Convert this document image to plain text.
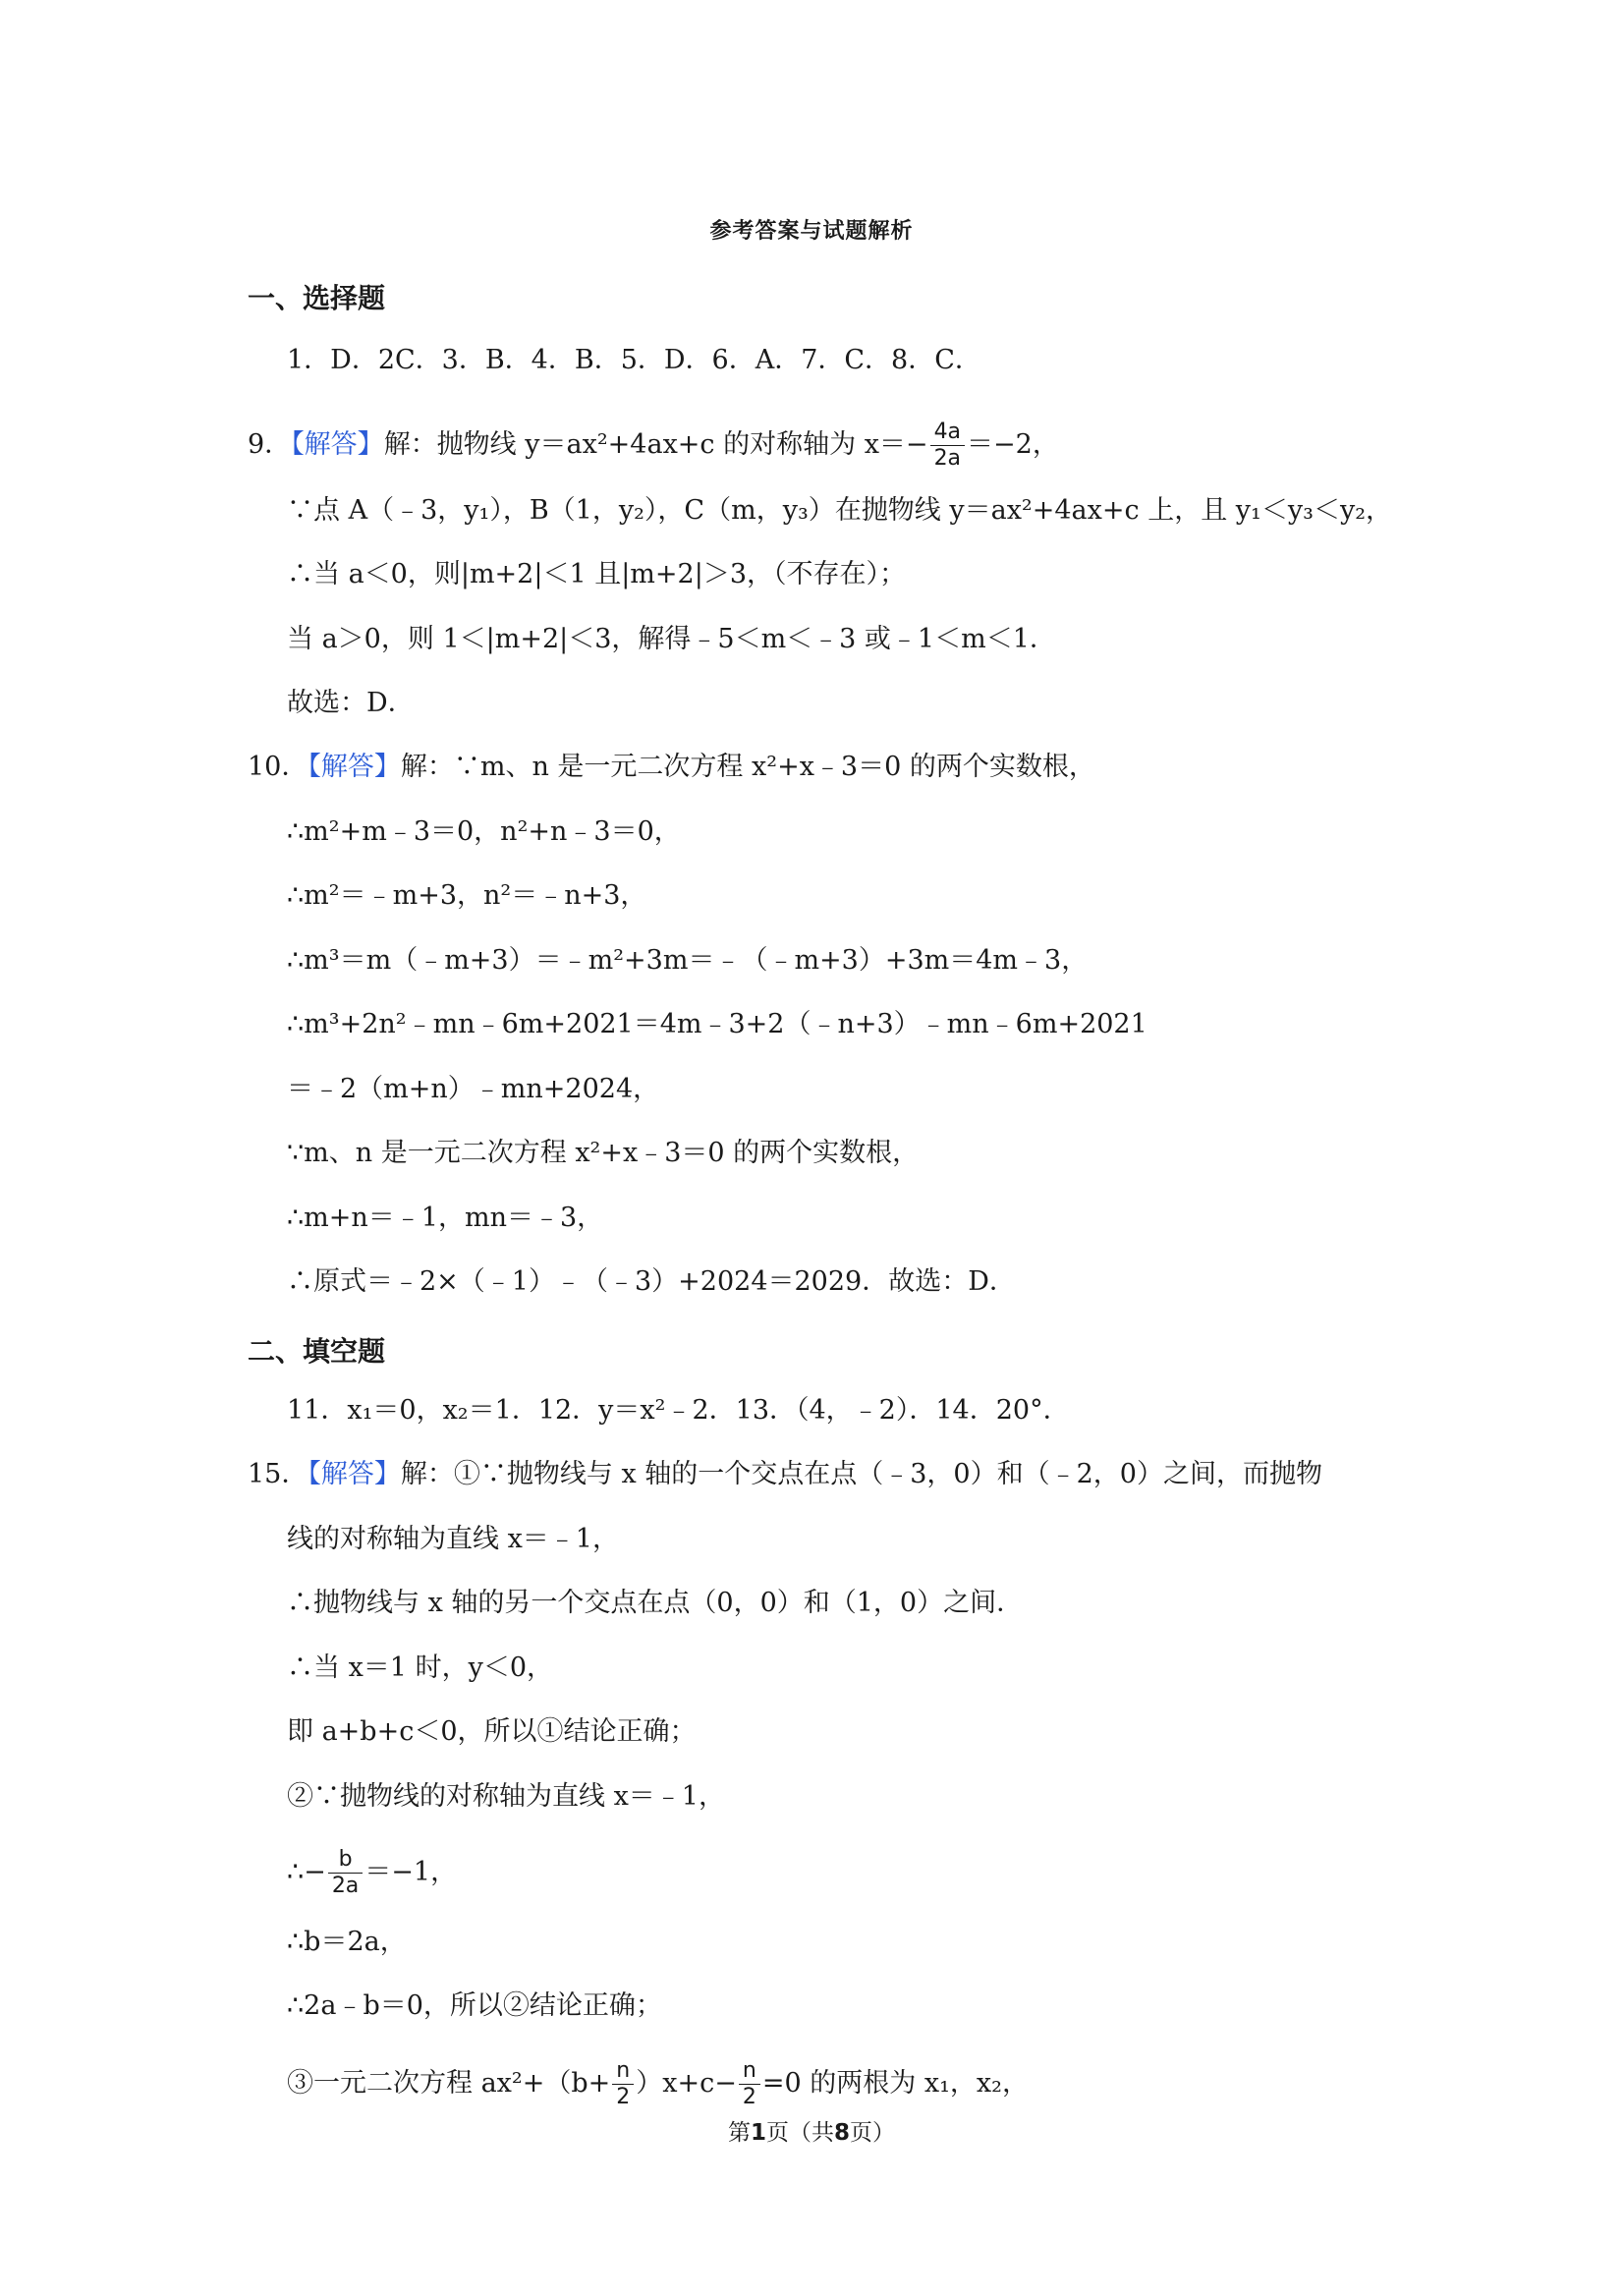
参考答案与试题解析
一、选择题
1．D．2C．3．B．4．B．5．D．6．A．7．C．8．C．
9．【解答】解：抛物线 y＝ax²+4ax+c 的对称轴为 $x=- \frac{4a}{2a} =-2$，
∵点 A（﹣3，y₁），B（1，y₂），C（m，y₃）在抛物线 y＝ax²+4ax+c 上，且 y₁＜y₃＜y₂，
∴当 a＜0，则|m+2|＜1 且|m+2|＞3，（不存在）；
当 a＞0，则 1＜|m+2|＜3，解得﹣5＜m＜﹣3 或﹣1＜m＜1．
故选：D．
10．【解答】解：∵m、n 是一元二次方程 x²+x﹣3＝0 的两个实数根，
∴m²+m﹣3＝0，n²+n﹣3＝0，
∴m²＝﹣m+3，n²＝﹣n+3，
∴m³＝m（﹣m+3）＝﹣m²+3m＝﹣（﹣m+3）+3m＝4m﹣3，
∴m³+2n²﹣mn﹣6m+2021＝4m﹣3+2（﹣n+3）﹣mn﹣6m+2021
＝﹣2（m+n）﹣mn+2024，
∵m、n 是一元二次方程 x²+x﹣3＝0 的两个实数根，
∴m+n＝﹣1，mn＝﹣3，
∴原式＝﹣2×（﹣1）﹣（﹣3）+2024＝2029．故选：D．
二、填空题
11．x₁＝0，x₂＝1．12．y＝x²﹣2．13．（4，﹣2）．14．20°．
15．【解答】解：①∵抛物线与 x 轴的一个交点在点（﹣3，0）和（﹣2，0）之间，而抛物
线的对称轴为直线 x＝﹣1，
∴抛物线与 x 轴的另一个交点在点（0，0）和（1，0）之间．
∴当 x＝1 时，y＜0，
即 a+b+c＜0，所以①结论正确；
②∵抛物线的对称轴为直线 x＝﹣1，
∴− $\frac{b}{2a} =-1$，
∴b＝2a，
∴2a﹣b＝0，所以②结论正确；
③一元二次方程 $ax^2+(b+ \frac{n}{2} )x+c- \frac{n}{2} =0$ 的两根为 x₁，x₂，
第1页（共8页）
